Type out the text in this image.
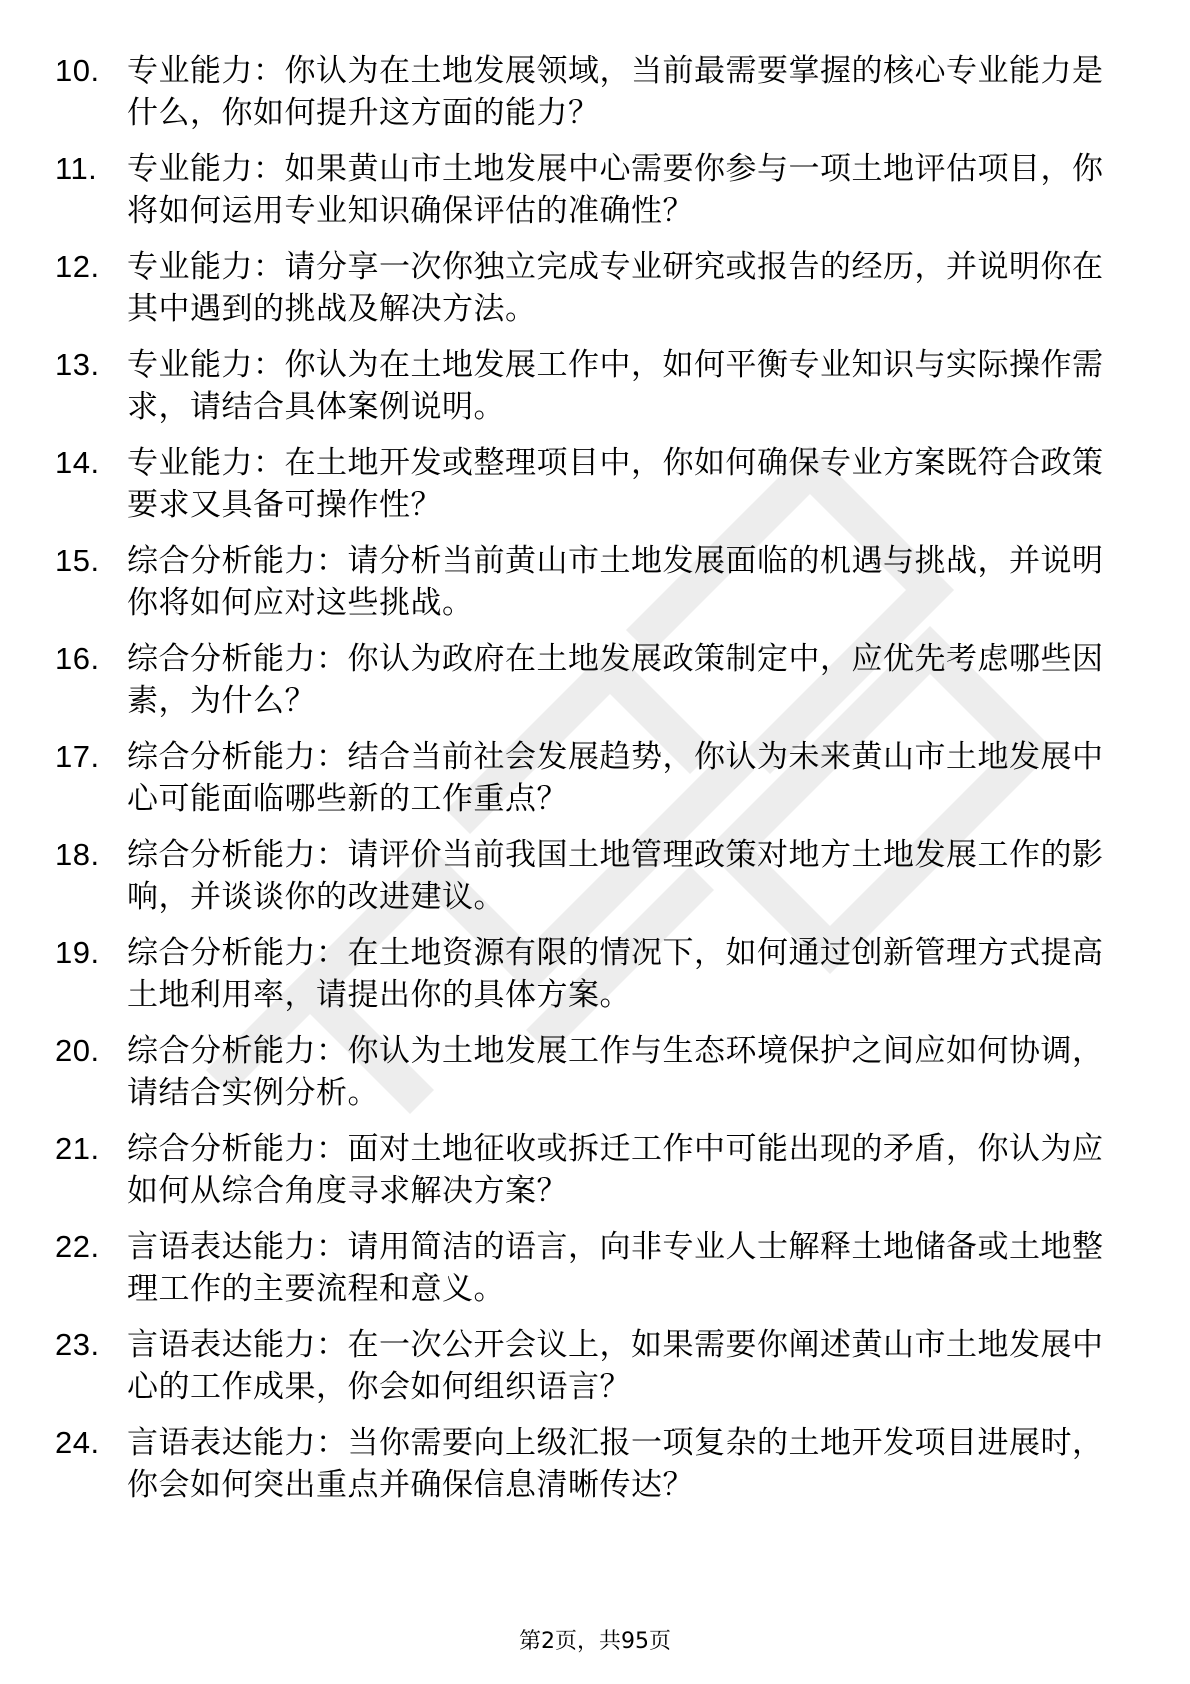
10. 专业能力：你认为在土地发展领域，当前最需要掌握的核心专业能力是什么，你如何提升这方面的能力？
11. 专业能力：如果黄山市土地发展中心需要你参与一项土地评估项目，你将如何运用专业知识确保评估的准确性？
12. 专业能力：请分享一次你独立完成专业研究或报告的经历，并说明你在其中遇到的挑战及解决方法。
13. 专业能力：你认为在土地发展工作中，如何平衡专业知识与实际操作需求，请结合具体案例说明。
14. 专业能力：在土地开发或整理项目中，你如何确保专业方案既符合政策要求又具备可操作性？
15. 综合分析能力：请分析当前黄山市土地发展面临的机遇与挑战，并说明你将如何应对这些挑战。
16. 综合分析能力：你认为政府在土地发展政策制定中，应优先考虑哪些因素，为什么？
17. 综合分析能力：结合当前社会发展趋势，你认为未来黄山市土地发展中心可能面临哪些新的工作重点？
18. 综合分析能力：请评价当前我国土地管理政策对地方土地发展工作的影响，并谈谈你的改进建议。
19. 综合分析能力：在土地资源有限的情况下，如何通过创新管理方式提高土地利用率，请提出你的具体方案。
20. 综合分析能力：你认为土地发展工作与生态环境保护之间应如何协调，请结合实例分析。
21. 综合分析能力：面对土地征收或拆迁工作中可能出现的矛盾，你认为应如何从综合角度寻求解决方案？
22. 言语表达能力：请用简洁的语言，向非专业人士解释土地储备或土地整理工作的主要流程和意义。
23. 言语表达能力：在一次公开会议上，如果需要你阐述黄山市土地发展中心的工作成果，你会如何组织语言？
24. 言语表达能力：当你需要向上级汇报一项复杂的土地开发项目进展时，你会如何突出重点并确保信息清晰传达？
第2页，共95页
